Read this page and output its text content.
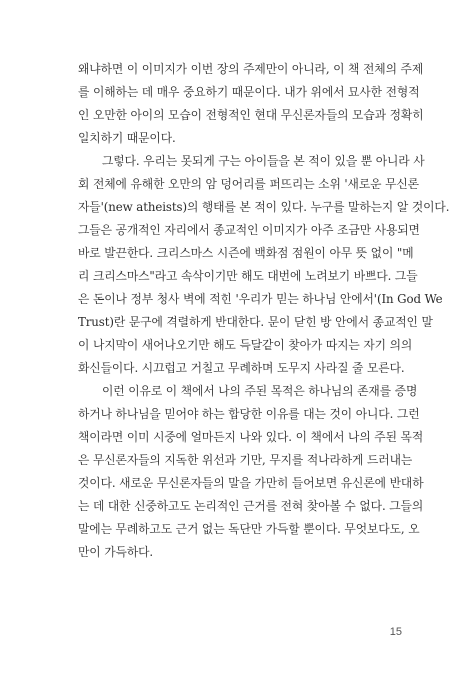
왜냐하면 이 이미지가 이번 장의 주제만이 아니라, 이 책 전체의 주제
를 이해하는 데 매우 중요하기 때문이다. 내가 위에서 묘사한 전형적
인 오만한 아이의 모습이 전형적인 현대 무신론자들의 모습과 정확히
일치하기 때문이다.
그렇다. 우리는 못되게 구는 아이들을 본 적이 있을 뿐 아니라 사
회 전체에 유해한 오만의 암 덩어리를 퍼뜨리는 소위 '새로운 무신론
자들'(new atheists)의 행태를 본 적이 있다. 누구를 말하는지 알 것이다.
그들은 공개적인 자리에서 종교적인 이미지가 아주 조금만 사용되면
바로 발끈한다. 크리스마스 시즌에 백화점 점원이 아무 뜻 없이 "메
리 크리스마스"라고 속삭이기만 해도 대번에 노려보기 바쁘다. 그들
은 돈이나 정부 청사 벽에 적힌 '우리가 믿는 하나님 안에서'(In God We
Trust)란 문구에 격렬하게 반대한다. 문이 닫힌 방 안에서 종교적인 말
이 나지막이 새어나오기만 해도 득달같이 찾아가 따지는 자기 의의
화신들이다. 시끄럽고 거칠고 무례하며 도무지 사라질 줄 모른다.
이런 이유로 이 책에서 나의 주된 목적은 하나님의 존재를 증명
하거나 하나님을 믿어야 하는 합당한 이유를 대는 것이 아니다. 그런
책이라면 이미 시중에 얼마든지 나와 있다. 이 책에서 나의 주된 목적
은 무신론자들의 지독한 위선과 기만, 무지를 적나라하게 드러내는
것이다. 새로운 무신론자들의 말을 가만히 들어보면 유신론에 반대하
는 데 대한 신중하고도 논리적인 근거를 전혀 찾아볼 수 없다. 그들의
말에는 무례하고도 근거 없는 독단만 가득할 뿐이다. 무엇보다도, 오
만이 가득하다.
15
